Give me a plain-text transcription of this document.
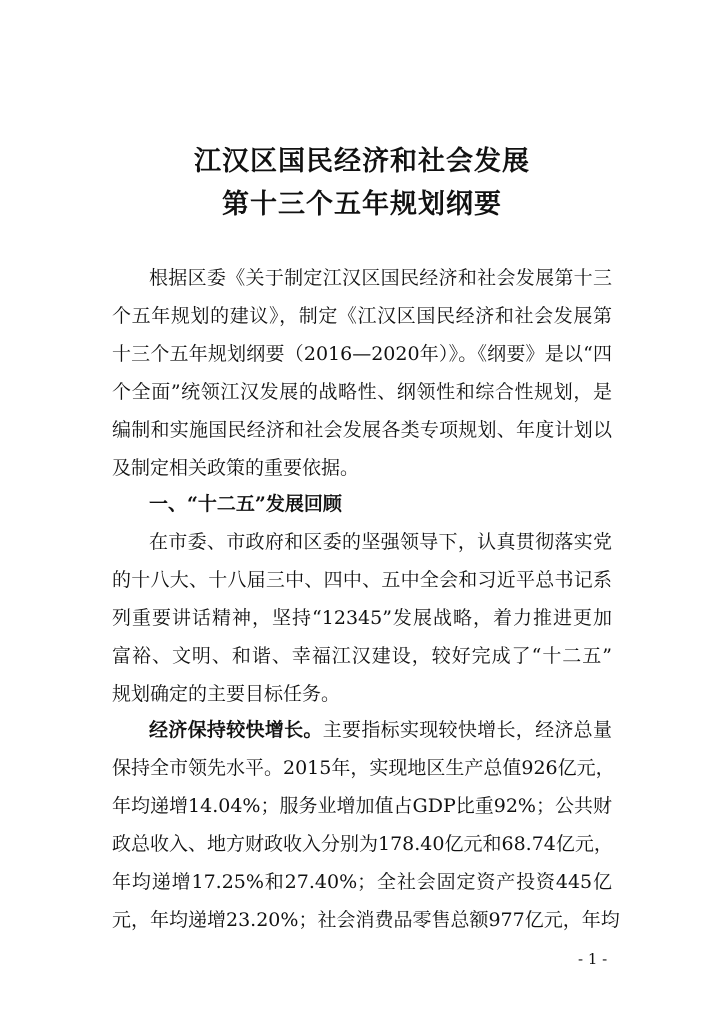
江汉区国民经济和社会发展
第十三个五年规划纲要
根据区委《关于制定江汉区国民经济和社会发展第十三
个五年规划的建议》，制定《江汉区国民经济和社会发展第
十三个五年规划纲要（2016—2020年）》。《纲要》是以“四
个全面”统领江汉发展的战略性、纲领性和综合性规划，是
编制和实施国民经济和社会发展各类专项规划、年度计划以
及制定相关政策的重要依据。
一、“十二五”发展回顾
在市委、市政府和区委的坚强领导下，认真贯彻落实党
的十八大、十八届三中、四中、五中全会和习近平总书记系
列重要讲话精神，坚持“12345”发展战略，着力推进更加
富裕、文明、和谐、幸福江汉建设，较好完成了“十二五”
规划确定的主要目标任务。
经济保持较快增长。主要指标实现较快增长，经济总量
保持全市领先水平。2015年，实现地区生产总值926亿元，
年均递增14.04%；服务业增加值占GDP比重92%；公共财
政总收入、地方财政收入分别为178.40亿元和68.74亿元，
年均递增17.25%和27.40%；全社会固定资产投资445亿
元，年均递增23.20%；社会消费品零售总额977亿元，年均
- 1 -
